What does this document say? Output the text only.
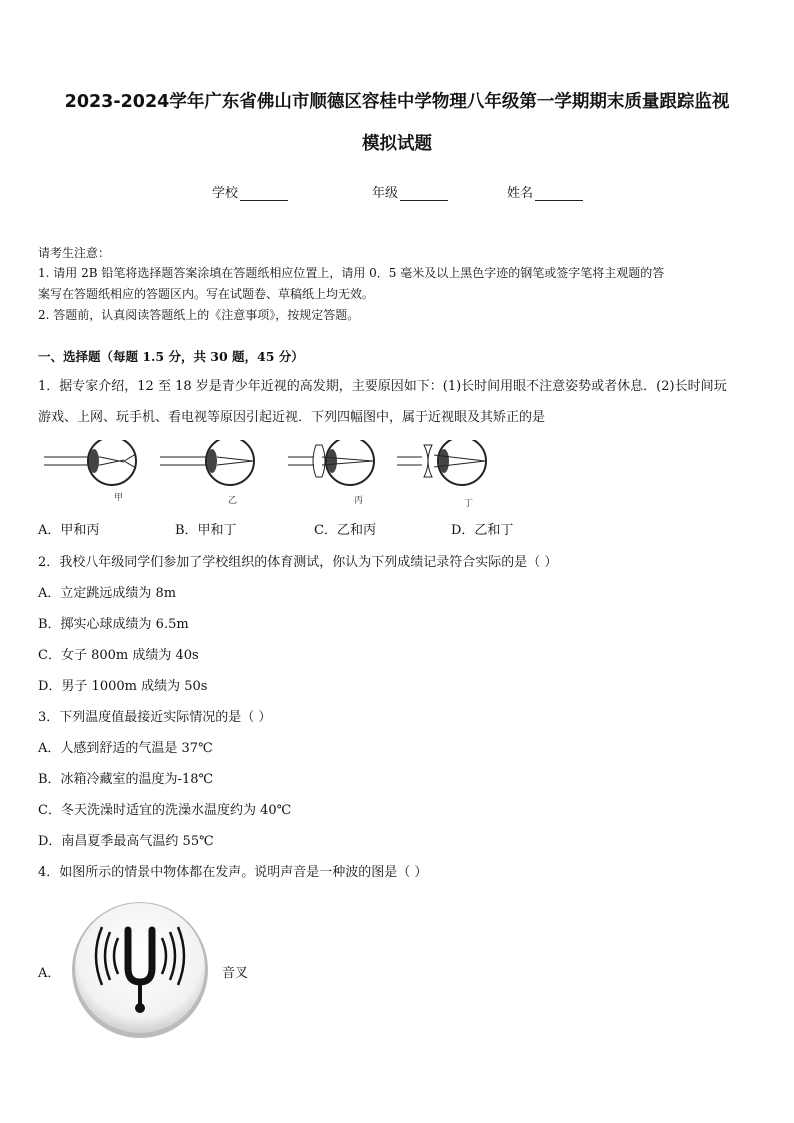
2023-2024学年广东省佛山市顺德区容桂中学物理八年级第一学期期末质量跟踪监视
模拟试题
学校	年级	姓名
请考生注意：
1. 请用 2B 铅笔将选择题答案涂填在答题纸相应位置上，请用 0．5 毫米及以上黑色字迹的钢笔或签字笔将主观题的答
案写在答题纸相应的答题区内。写在试题卷、草稿纸上均无效。
2. 答题前，认真阅读答题纸上的《注意事项》，按规定答题。
一、选择题（每题 1.5 分，共 30 题，45 分）
1．据专家介绍，12 至 18 岁是青少年近视的高发期，主要原因如下：(1)长时间用眼不注意姿势或者休息．(2)长时间玩
游戏、上网、玩手机、看电视等原因引起近视．下列四幅图中，属于近视眼及其矫正的是
甲	乙	丙	丁
A．甲和丙	B．甲和丁	C．乙和丙	D．乙和丁
2．我校八年级同学们参加了学校组织的体育测试，你认为下列成绩记录符合实际的是（ ）
A．立定跳远成绩为 8m
B．掷实心球成绩为 6.5m
C．女子 800m 成绩为 40s
D．男子 1000m 成绩为 50s
3．下列温度值最接近实际情况的是（ ）
A．人感到舒适的气温是 37℃
B．冰箱冷藏室的温度为-18℃
C．冬天洗澡时适宜的洗澡水温度约为 40℃
D．南昌夏季最高气温约 55℃
4．如图所示的情景中物体都在发声。说明声音是一种波的图是（ ）
A．	音叉
